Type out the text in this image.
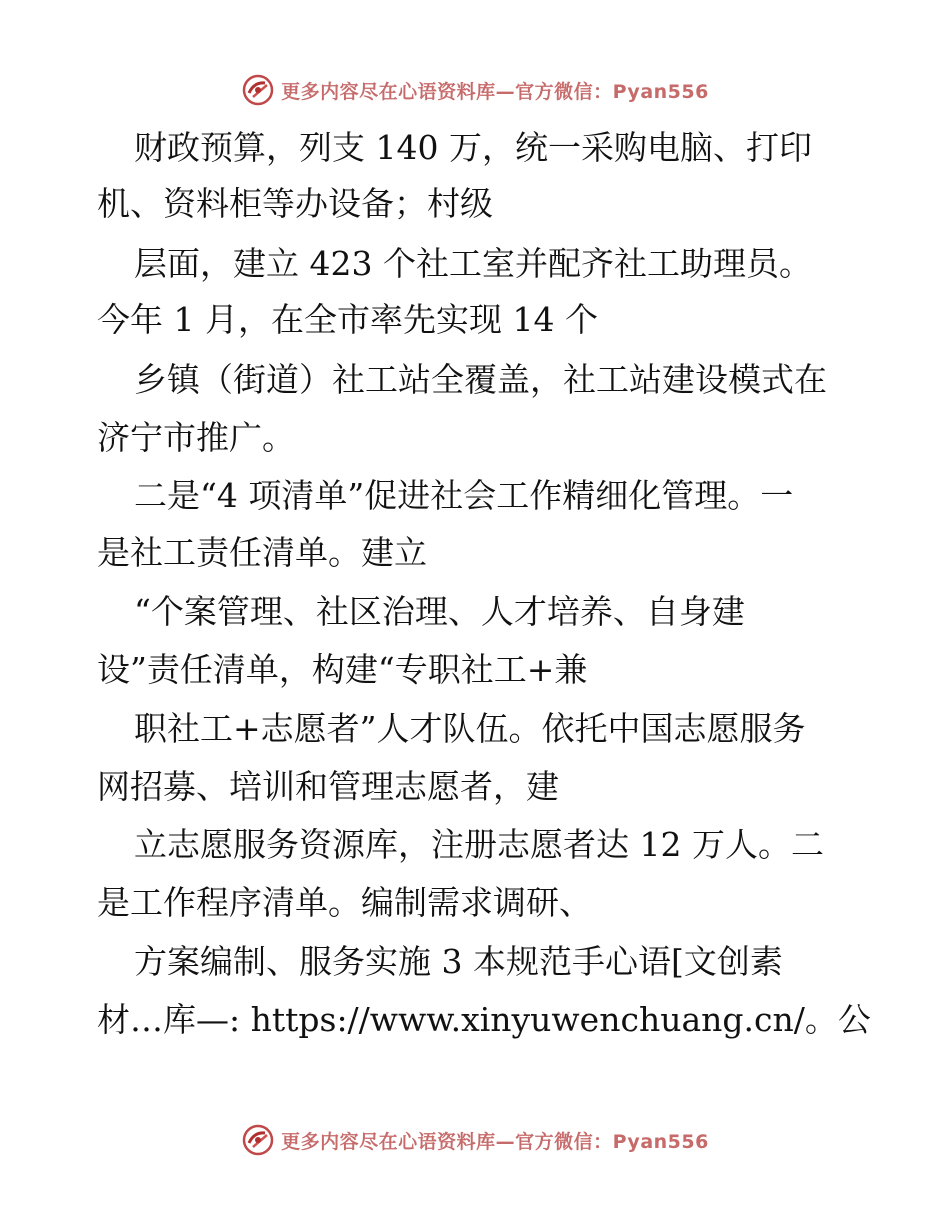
更多内容尽在心语资料库—官方微信：Pyan556
财政预算，列支 140 万，统一采购电脑、打印
机、资料柜等办设备；村级
层面，建立 423 个社工室并配齐社工助理员。
今年 1 月，在全市率先实现 14 个
乡镇（街道）社工站全覆盖，社工站建设模式在
济宁市推广。
二是“4 项清单”促进社会工作精细化管理。一
是社工责任清单。建立
“个案管理、社区治理、人才培养、自身建
设”责任清单，构建“专职社工+兼
职社工+志愿者”人才队伍。依托中国志愿服务
网招募、培训和管理志愿者，建
立志愿服务资源库，注册志愿者达 12 万人。二
是工作程序清单。编制需求调研、
方案编制、服务实施 3 本规范手心语[文创素
材…库—: https://www.xinyuwenchuang.cn/。公
更多内容尽在心语资料库—官方微信：Pyan556
